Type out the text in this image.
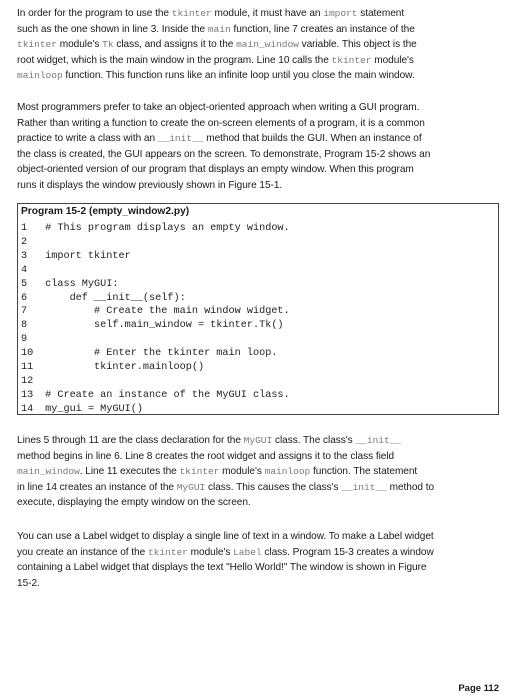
In order for the program to use the tkinter module, it must have an import statement
such as the one shown in line 3. Inside the main function, line 7 creates an instance of the
tkinter module's Tk class, and assigns it to the main_window variable. This object is the
root widget, which is the main window in the program. Line 10 calls the tkinter module's
mainloop function. This function runs like an infinite loop until you close the main window.
Most programmers prefer to take an object-oriented approach when writing a GUI program.
Rather than writing a function to create the on-screen elements of a program, it is a common
practice to write a class with an __init__ method that builds the GUI. When an instance of
the class is created, the GUI appears on the screen. To demonstrate, Program 15-2 shows an
object-oriented version of our program that displays an empty window. When this program
runs it displays the window previously shown in Figure 15-1.
Program 15-2 (empty_window2.py)
1 # This program displays an empty window.
2
3 import tkinter
4
5 class MyGUI:
6     def __init__(self):
7         # Create the main window widget.
8         self.main_window = tkinter.Tk()
9
10         # Enter the tkinter main loop.
11         tkinter.mainloop()
12
13 # Create an instance of the MyGUI class.
14 my_gui = MyGUI()
Lines 5 through 11 are the class declaration for the MyGUI class. The class's __init__
method begins in line 6. Line 8 creates the root widget and assigns it to the class field
main_window. Line 11 executes the tkinter module's mainloop function. The statement
in line 14 creates an instance of the MyGUI class. This causes the class's __init__ method to
execute, displaying the empty window on the screen.
You can use a Label widget to display a single line of text in a window. To make a Label widget
you create an instance of the tkinter module's Label class. Program 15-3 creates a window
containing a Label widget that displays the text "Hello World!" The window is shown in Figure
15-2.
Page 112
